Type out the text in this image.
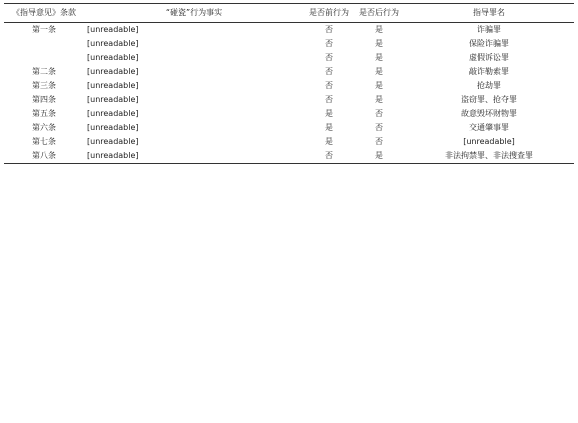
《指导意见》条款	“碰瓷”行为事实	是否前行为	是否后行为	指导罪名
第一条	[unreadable]	否	是	诈骗罪
	[unreadable]	否	是	保险诈骗罪
	[unreadable]	否	是	虚假诉讼罪
第二条	[unreadable]	否	是	敲诈勒索罪
第三条	[unreadable]	否	是	抢劫罪
第四条	[unreadable]	否	是	盗窃罪、抢夺罪
第五条	[unreadable]	是	否	故意毁坏财物罪
第六条	[unreadable]	是	否	交通肇事罪
第七条	[unreadable]	是	否	[unreadable]
第八条	[unreadable]	否	是	非法拘禁罪、非法搜查罪
